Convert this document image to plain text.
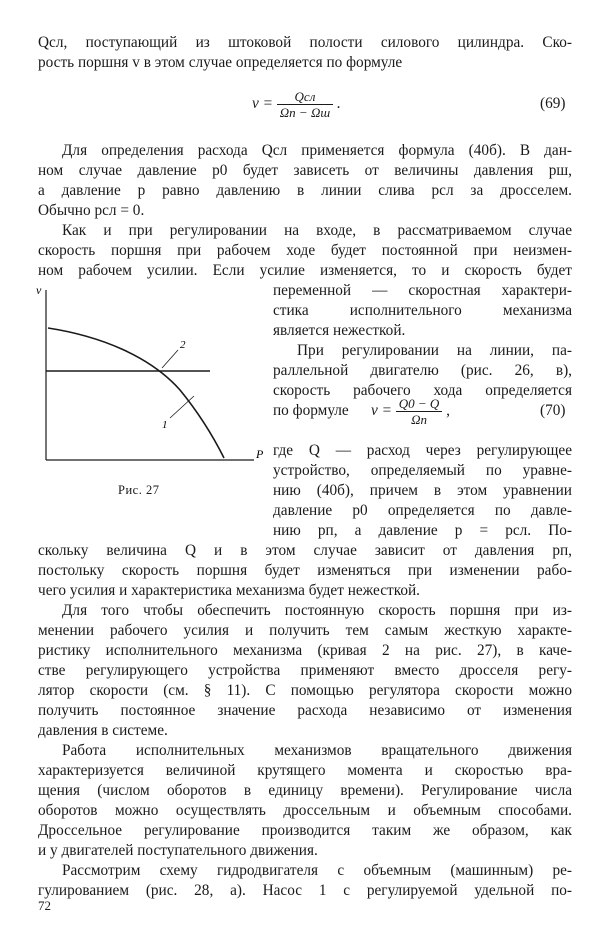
Qсл, поступающий из штоковой полости силового цилиндра. Ско-
рость поршня v в этом случае определяется по формуле
$v = \frac{\text{Qсл}}{\Omega п - \Omega ш}$ .	(69)
Для определения расхода Qсл применяется формула (40б). В дан-
ном случае давление p0 будет зависеть от величины давления pш,
а давление p равно давлению в линии слива pсл за дросселем.
Обычно pсл = 0.
Как и при регулировании на входе, в рассматриваемом случае
скорость поршня при рабочем ходе будет постоянной при неизмен-
ном рабочем усилии. Если усилие изменяется, то и скорость будет
переменной — скоростная характери-
стика исполнительного механизма
является нежесткой.
При регулировании на линии, па-
раллельной двигателю (рис. 26, в),
скорость рабочего хода определяется
по формуле	$v = \frac{Q0 - Q}{\Omega п}$ ,	(70)
где Q — расход через регулирующее
устройство, определяемый по уравне-
нию (40б), причем в этом уравнении
давление p0 определяется по давле-
нию pп, а давление p = pсл. По-
скольку величина Q и в этом случае зависит от давления pп,
постольку скорость поршня будет изменяться при изменении рабо-
чего усилия и характеристика механизма будет нежесткой.
Для того чтобы обеспечить постоянную скорость поршня при из-
менении рабочего усилия и получить тем самым жесткую характе-
ристику исполнительного механизма (кривая 2 на рис. 27), в каче-
стве регулирующего устройства применяют вместо дросселя регу-
лятор скорости (см. § 11). С помощью регулятора скорости можно
получить постоянное значение расхода независимо от изменения
давления в системе.
Работа исполнительных механизмов вращательного движения
характеризуется величиной крутящего момента и скоростью вра-
щения (числом оборотов в единицу времени). Регулирование числа
оборотов можно осуществлять дроссельным и объемным способами.
Дроссельное регулирование производится таким же образом, как
и у двигателей поступательного движения.
Рассмотрим схему гидродвигателя с объемным (машинным) ре-
гулированием (рис. 28, а). Насос 1 с регулируемой удельной по-
v
P
2
1
Рис. 27
72
